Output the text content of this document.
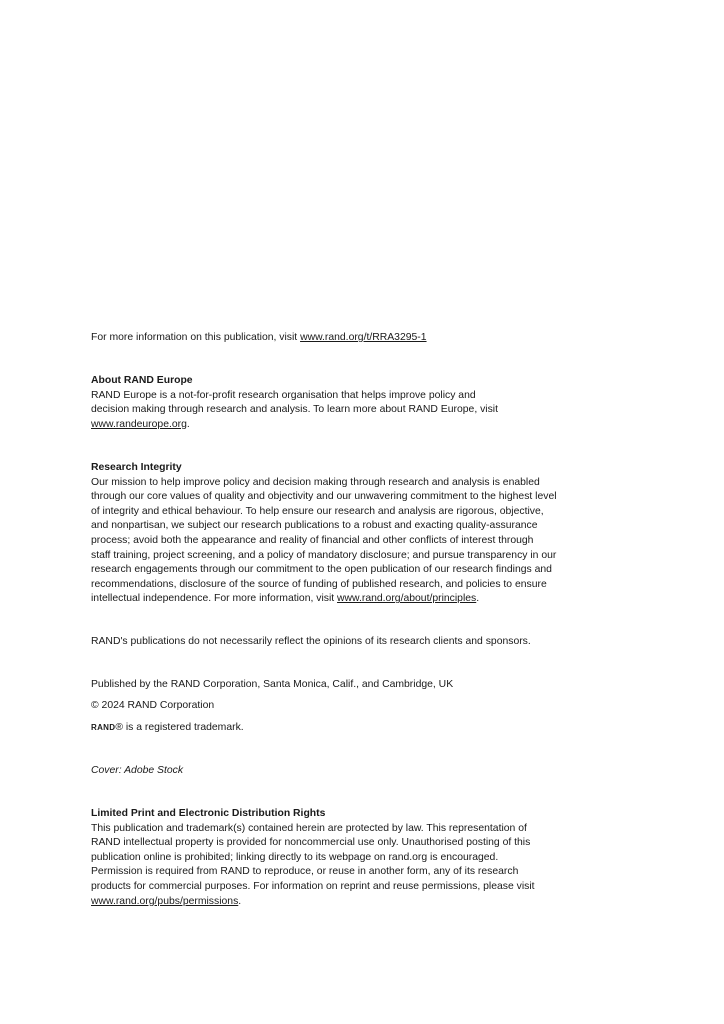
For more information on this publication, visit www.rand.org/t/RRA3295-1
About RAND Europe
RAND Europe is a not-for-profit research organisation that helps improve policy and
decision making through research and analysis. To learn more about RAND Europe, visit
www.randeurope.org.
Research Integrity
Our mission to help improve policy and decision making through research and analysis is enabled
through our core values of quality and objectivity and our unwavering commitment to the highest level
of integrity and ethical behaviour. To help ensure our research and analysis are rigorous, objective,
and nonpartisan, we subject our research publications to a robust and exacting quality-assurance
process; avoid both the appearance and reality of financial and other conflicts of interest through
staff training, project screening, and a policy of mandatory disclosure; and pursue transparency in our
research engagements through our commitment to the open publication of our research findings and
recommendations, disclosure of the source of funding of published research, and policies to ensure
intellectual independence. For more information, visit www.rand.org/about/principles.
RAND's publications do not necessarily reflect the opinions of its research clients and sponsors.
Published by the RAND Corporation, Santa Monica, Calif., and Cambridge, UK
© 2024 RAND Corporation
RAND® is a registered trademark.
Cover: Adobe Stock
Limited Print and Electronic Distribution Rights
This publication and trademark(s) contained herein are protected by law. This representation of
RAND intellectual property is provided for noncommercial use only. Unauthorised posting of this
publication online is prohibited; linking directly to its webpage on rand.org is encouraged.
Permission is required from RAND to reproduce, or reuse in another form, any of its research
products for commercial purposes. For information on reprint and reuse permissions, please visit
www.rand.org/pubs/permissions.
